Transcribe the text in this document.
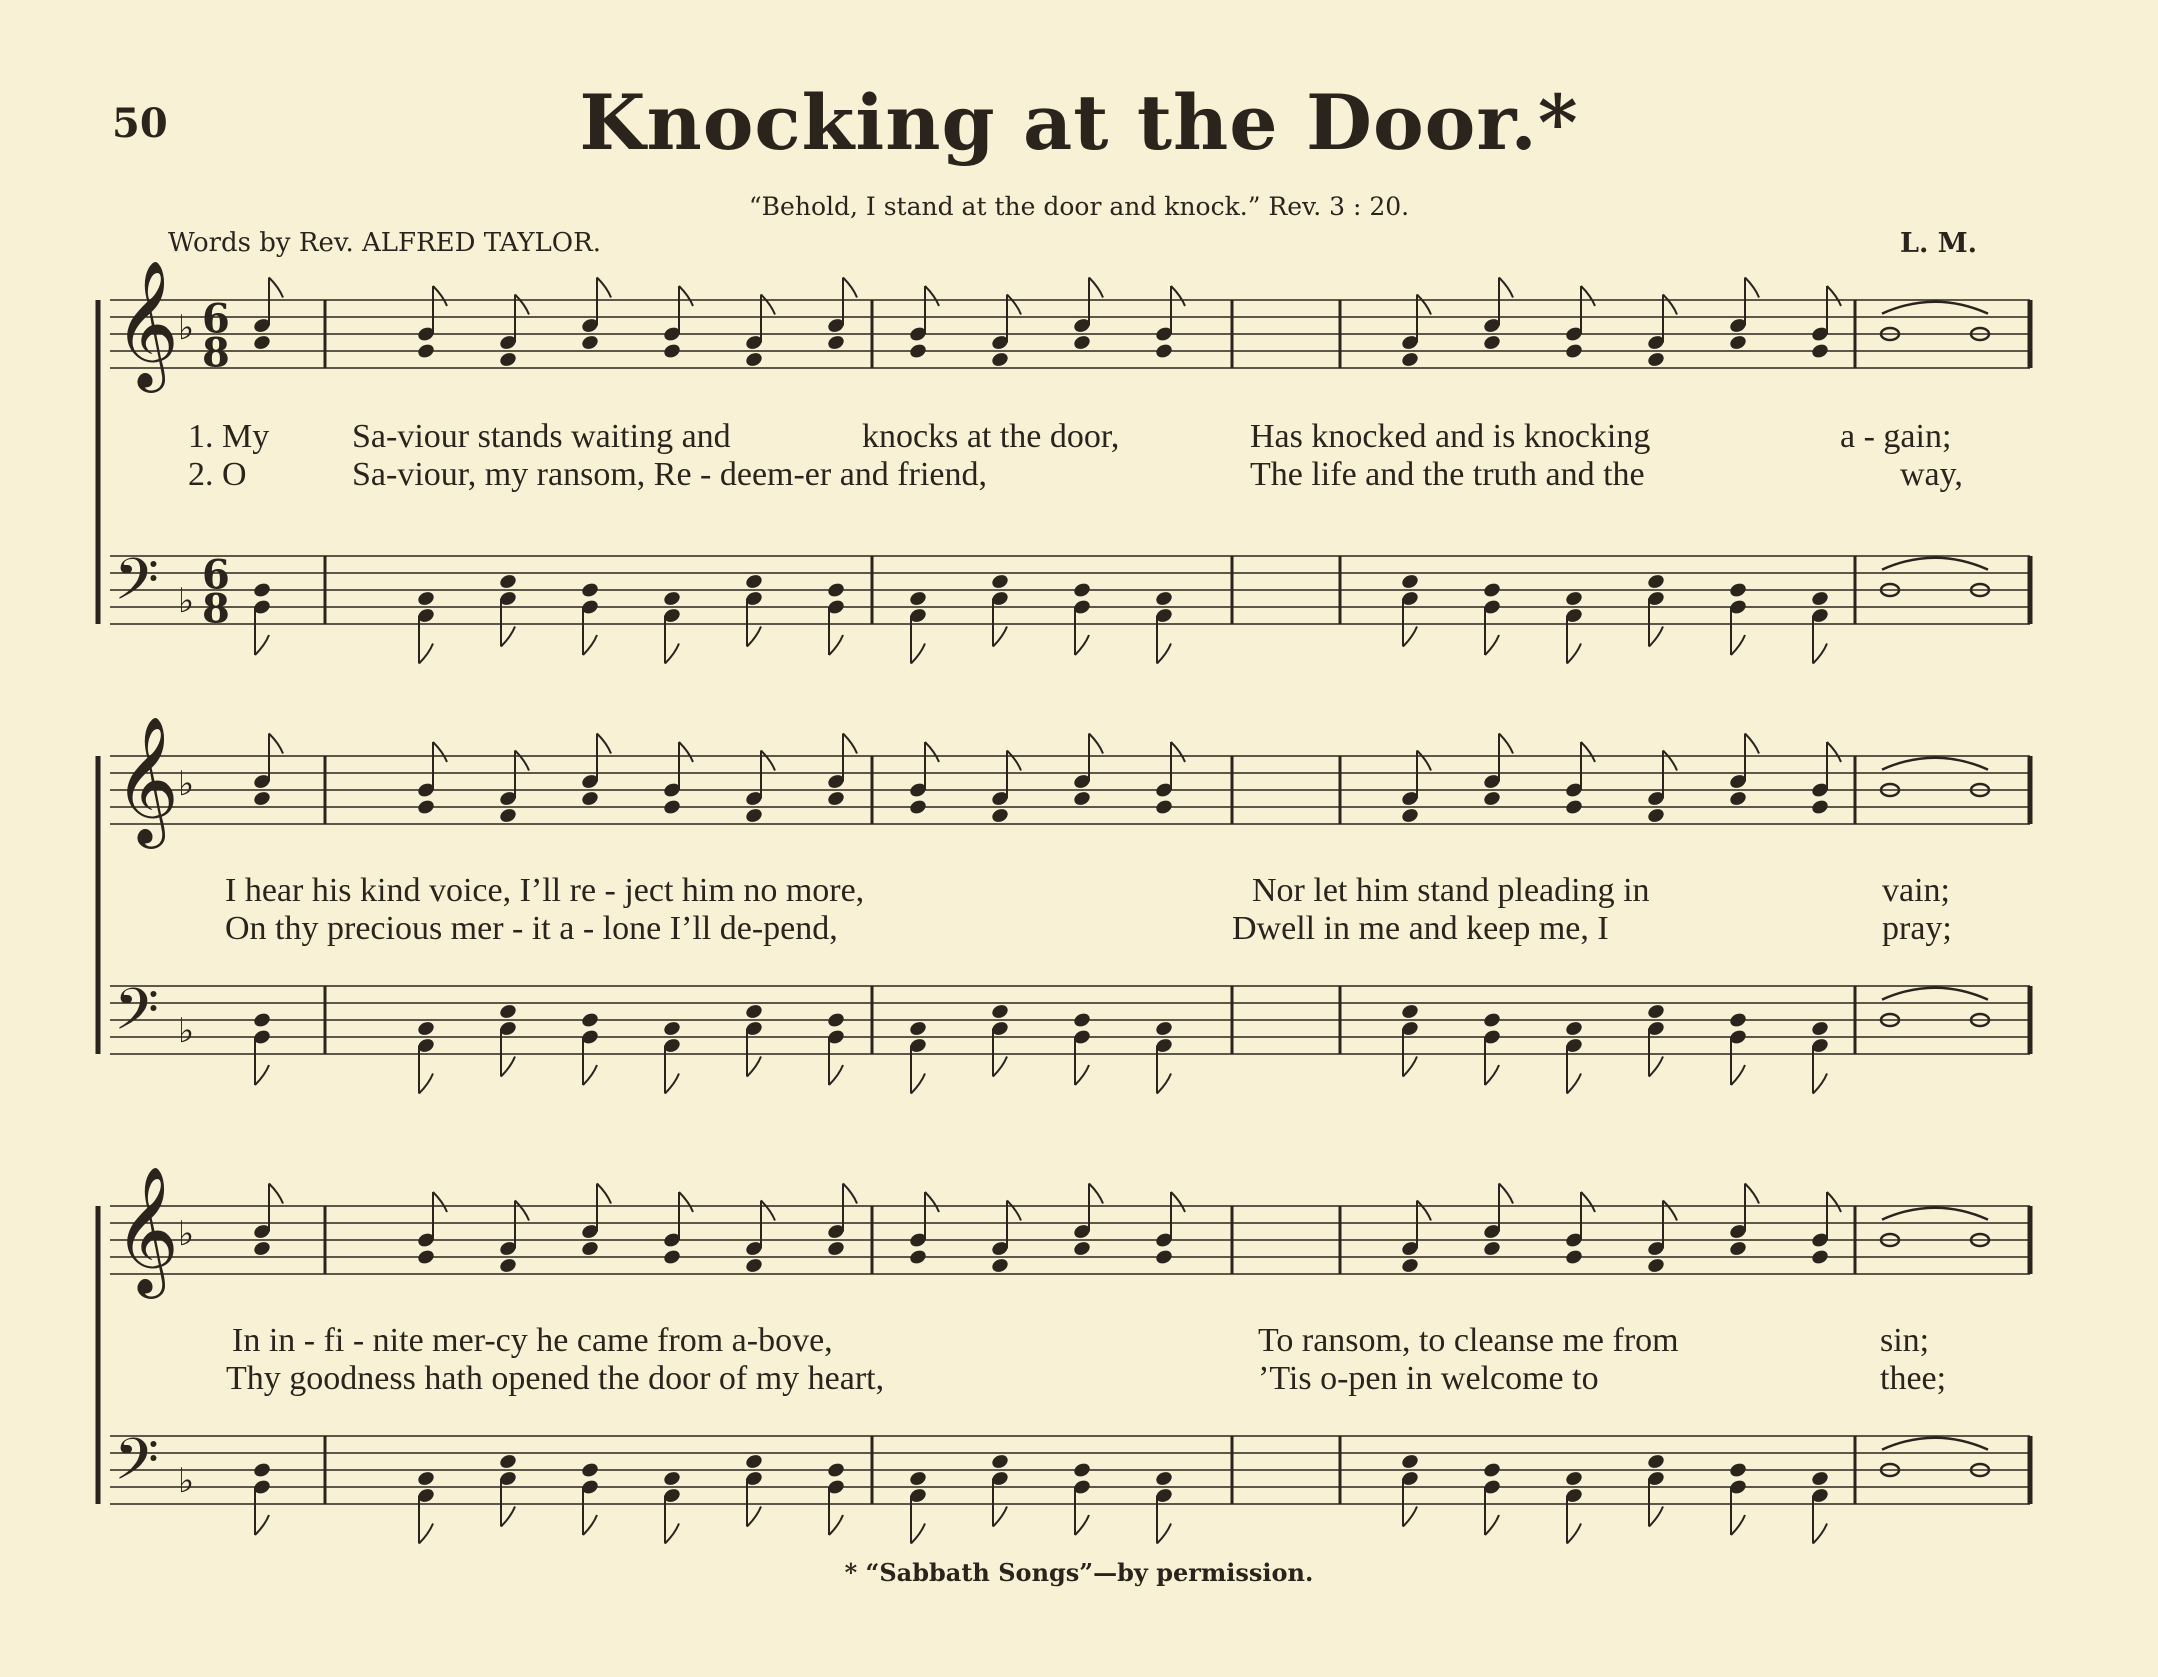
50	Knocking at the Door.*
“Behold, I stand at the door and knock.” Rev. 3 : 20.
Words by Rev. ALFRED TAYLOR.	L. M.
𝄞
♭ 6
8
𝄢 ♭
6
8
𝄞
♭
𝄢 ♭
𝄞
♭
𝄢 ♭
1. My Sa-viour stands waiting and	knocks at the door,	Has knocked and is knocking	a - gain;
2. O	Sa-viour, my ransom, Re - deem-er and friend,	The life and the truth and the	way,
I hear his kind voice, I’ll re - ject him no more,	Nor let him stand pleading in	vain;
On thy precious mer - it a - lone I’ll de-pend,	Dwell in me and keep me, I	pray;
In in - fi - nite mer-cy he came from a-bove,	To ransom, to cleanse me from	sin;
Thy goodness hath opened the door of my heart,	’Tis o-pen in welcome to	thee;
* “Sabbath Songs”—by permission.
